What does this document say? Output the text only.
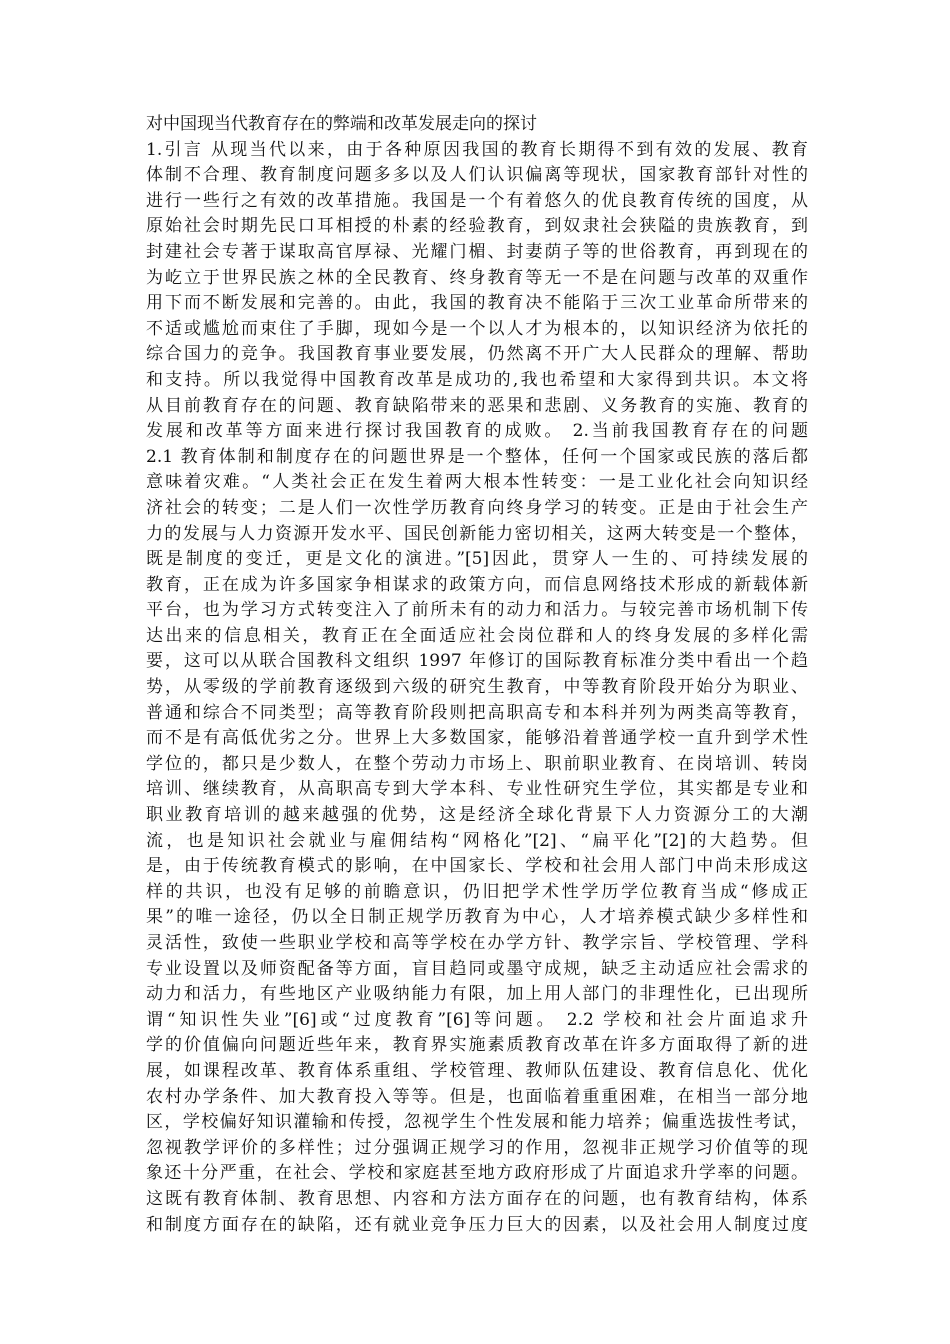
对中国现当代教育存在的弊端和改革发展走向的探讨
1.引言 从现当代以来，由于各种原因我国的教育长期得不到有效的发展、教育
体制不合理、教育制度问题多多以及人们认识偏离等现状，国家教育部针对性的
进行一些行之有效的改革措施。我国是一个有着悠久的优良教育传统的国度，从
原始社会时期先民口耳相授的朴素的经验教育，到奴隶社会狭隘的贵族教育，到
封建社会专著于谋取高官厚禄、光耀门楣、封妻荫子等的世俗教育，再到现在的
为屹立于世界民族之林的全民教育、终身教育等无一不是在问题与改革的双重作
用下而不断发展和完善的。由此，我国的教育决不能陷于三次工业革命所带来的
不适或尴尬而束住了手脚，现如今是一个以人才为根本的，以知识经济为依托的
综合国力的竞争。我国教育事业要发展，仍然离不开广大人民群众的理解、帮助
和支持。所以我觉得中国教育改革是成功的,我也希望和大家得到共识。本文将
从目前教育存在的问题、教育缺陷带来的恶果和悲剧、义务教育的实施、教育的
发展和改革等方面来进行探讨我国教育的成败。 2.当前我国教育存在的问题
2.1 教育体制和制度存在的问题世界是一个整体，任何一个国家或民族的落后都
意味着灾难。“人类社会正在发生着两大根本性转变：一是工业化社会向知识经
济社会的转变；二是人们一次性学历教育向终身学习的转变。正是由于社会生产
力的发展与人力资源开发水平、国民创新能力密切相关，这两大转变是一个整体，
既是制度的变迁，更是文化的演进。”[5]因此，贯穿人一生的、可持续发展的
教育，正在成为许多国家争相谋求的政策方向，而信息网络技术形成的新载体新
平台，也为学习方式转变注入了前所未有的动力和活力。与较完善市场机制下传
达出来的信息相关，教育正在全面适应社会岗位群和人的终身发展的多样化需
要，这可以从联合国教科文组织 1997 年修订的国际教育标准分类中看出一个趋
势，从零级的学前教育逐级到六级的研究生教育，中等教育阶段开始分为职业、
普通和综合不同类型；高等教育阶段则把高职高专和本科并列为两类高等教育，
而不是有高低优劣之分。世界上大多数国家，能够沿着普通学校一直升到学术性
学位的，都只是少数人，在整个劳动力市场上、职前职业教育、在岗培训、转岗
培训、继续教育，从高职高专到大学本科、专业性研究生学位，其实都是专业和
职业教育培训的越来越强的优势，这是经济全球化背景下人力资源分工的大潮
流，也是知识社会就业与雇佣结构“网格化”[2]、“扁平化”[2]的大趋势。但
是，由于传统教育模式的影响，在中国家长、学校和社会用人部门中尚未形成这
样的共识，也没有足够的前瞻意识，仍旧把学术性学历学位教育当成“修成正
果”的唯一途径，仍以全日制正规学历教育为中心，人才培养模式缺少多样性和
灵活性，致使一些职业学校和高等学校在办学方针、教学宗旨、学校管理、学科
专业设置以及师资配备等方面，盲目趋同或墨守成规，缺乏主动适应社会需求的
动力和活力，有些地区产业吸纳能力有限，加上用人部门的非理性化，已出现所
谓“知识性失业”[6]或“过度教育”[6]等问题。 2.2 学校和社会片面追求升
学的价值偏向问题近些年来，教育界实施素质教育改革在许多方面取得了新的进
展，如课程改革、教育体系重组、学校管理、教师队伍建设、教育信息化、优化
农村办学条件、加大教育投入等等。但是，也面临着重重困难，在相当一部分地
区，学校偏好知识灌输和传授，忽视学生个性发展和能力培养；偏重选拔性考试，
忽视教学评价的多样性；过分强调正规学习的作用，忽视非正规学习价值等的现
象还十分严重，在社会、学校和家庭甚至地方政府形成了片面追求升学率的问题。
这既有教育体制、教育思想、内容和方法方面存在的问题，也有教育结构，体系
和制度方面存在的缺陷，还有就业竞争压力巨大的因素，以及社会用人制度过度
